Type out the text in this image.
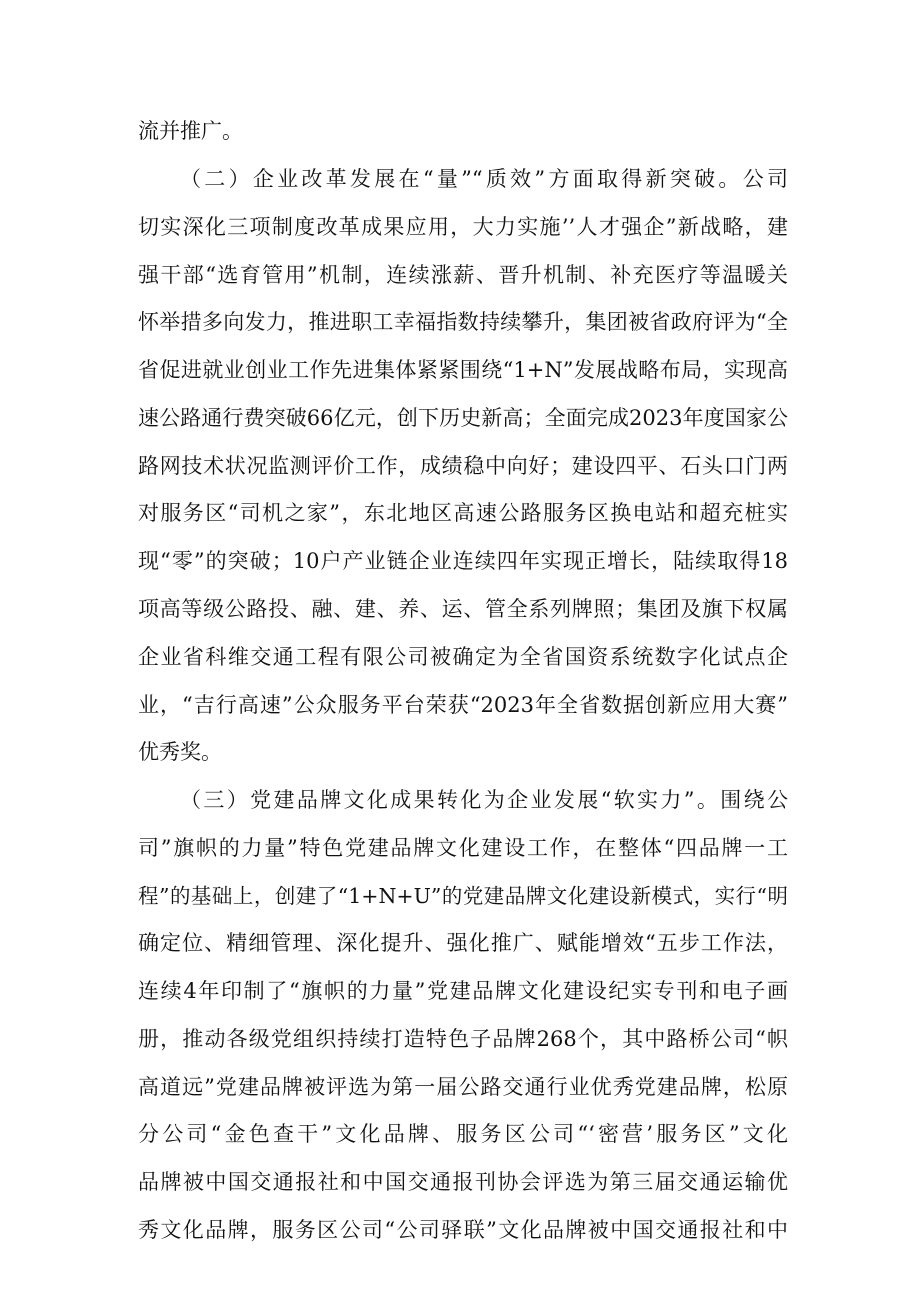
流并推广。
（二）企业改革发展在“量”“质效”方面取得新突破。公司
切实深化三项制度改革成果应用，大力实施’’人才强企”新战略，建
强干部“选育管用”机制，连续涨薪、晋升机制、补充医疗等温暖关
怀举措多向发力，推进职工幸福指数持续攀升，集团被省政府评为“全
省促进就业创业工作先进集体紧紧围绕“1+N”发展战略布局，实现高
速公路通行费突破66亿元，创下历史新高；全面完成2023年度国家公
路网技术状况监测评价工作，成绩稳中向好；建设四平、石头口门两
对服务区“司机之家”，东北地区高速公路服务区换电站和超充桩实
现“零”的突破；10户产业链企业连续四年实现正增长，陆续取得18
项高等级公路投、融、建、养、运、管全系列牌照；集团及旗下权属
企业省科维交通工程有限公司被确定为全省国资系统数字化试点企
业，“吉行高速”公众服务平台荣获“2023年全省数据创新应用大赛”
优秀奖。
（三）党建品牌文化成果转化为企业发展“软实力”。围绕公
司”旗帜的力量”特色党建品牌文化建设工作，在整体“四品牌一工
程”的基础上，创建了“1+N+U”的党建品牌文化建设新模式，实行“明
确定位、精细管理、深化提升、强化推广、赋能增效“五步工作法，
连续4年印制了“旗帜的力量”党建品牌文化建设纪实专刊和电子画
册，推动各级党组织持续打造特色子品牌268个，其中路桥公司“帜
高道远”党建品牌被评选为第一届公路交通行业优秀党建品牌，松原
分公司“金色查干”文化品牌、服务区公司“‘密营’服务区”文化
品牌被中国交通报社和中国交通报刊协会评选为第三届交通运输优
秀文化品牌，服务区公司“公司驿联”文化品牌被中国交通报社和中
